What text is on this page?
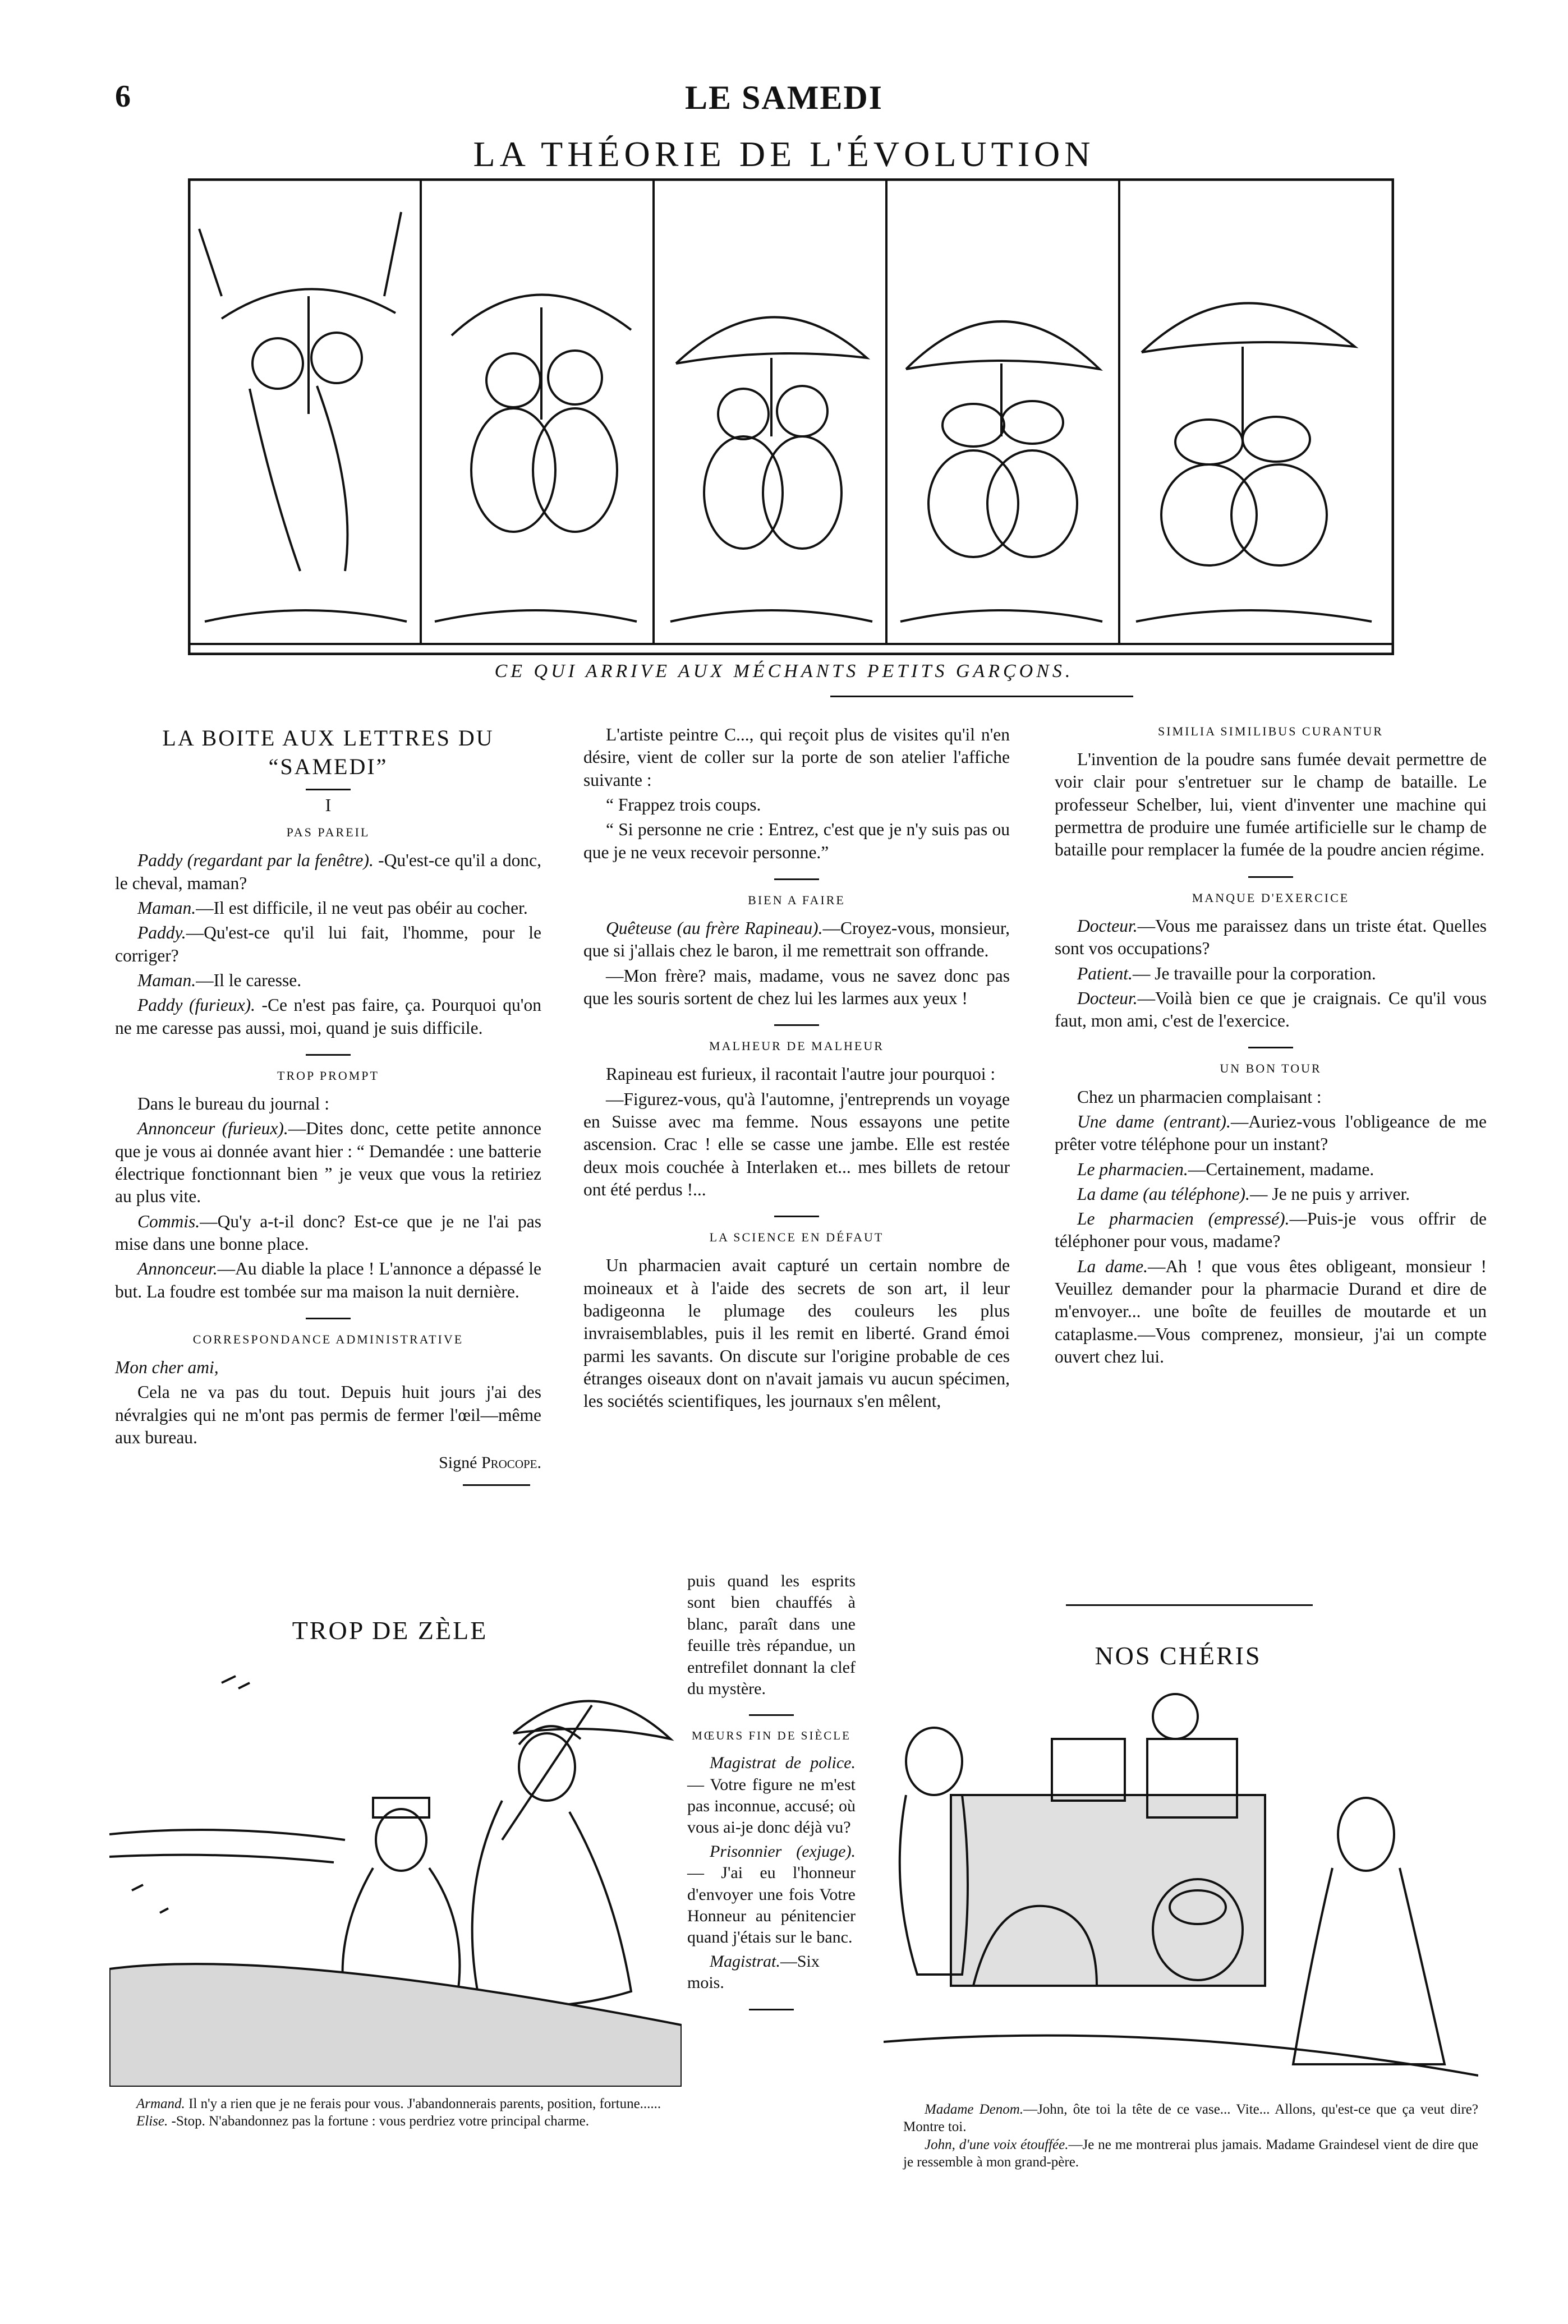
6	LE SAMEDI
LA THÉORIE DE L'ÉVOLUTION
CE QUI ARRIVE AUX MÉCHANTS PETITS GARÇONS.
LA BOITE AUX LETTRES DU “SAMEDI”
I
PAS PAREIL

Paddy (regardant par la fenêtre). -Qu'est-ce qu'il a donc, le cheval, maman?

Maman.—Il est difficile, il ne veut pas obéir au cocher.

Paddy.—Qu'est-ce qu'il lui fait, l'homme, pour le corriger?

Maman.—Il le caresse.

Paddy (furieux). -Ce n'est pas faire, ça. Pourquoi qu'on ne me caresse pas aussi, moi, quand je suis difficile.

TROP PROMPT

Dans le bureau du journal :

Annonceur (furieux).—Dites donc, cette petite annonce que je vous ai donnée avant hier : “ Demandée : une batterie électrique fonctionnant bien ” je veux que vous la retiriez au plus vite.

Commis.—Qu'y a-t-il donc? Est-ce que je ne l'ai pas mise dans une bonne place.

Annonceur.—Au diable la place ! L'annonce a dépassé le but. La foudre est tombée sur ma maison la nuit dernière.

CORRESPONDANCE ADMINISTRATIVE

Mon cher ami,

Cela ne va pas du tout. Depuis huit jours j'ai des névralgies qui ne m'ont pas permis de fermer l'œil—même aux bureau.

Signé Procope.

L'artiste peintre C..., qui reçoit plus de visites qu'il n'en désire, vient de coller sur la porte de son atelier l'affiche suivante :

“ Frappez trois coups.

“ Si personne ne crie : Entrez, c'est que je n'y suis pas ou que je ne veux recevoir personne.”

BIEN A FAIRE

Quêteuse (au frère Rapineau).—Croyez-vous, monsieur, que si j'allais chez le baron, il me remettrait son offrande.

—Mon frère? mais, madame, vous ne savez donc pas que les souris sortent de chez lui les larmes aux yeux !

MALHEUR DE MALHEUR

Rapineau est furieux, il racontait l'autre jour pourquoi :

—Figurez-vous, qu'à l'automne, j'entreprends un voyage en Suisse avec ma femme. Nous essayons une petite ascension. Crac ! elle se casse une jambe. Elle est restée deux mois couchée à Interlaken et... mes billets de retour ont été perdus !...

LA SCIENCE EN DÉFAUT

Un pharmacien avait capturé un certain nombre de moineaux et à l'aide des secrets de son art, il leur badigeonna le plumage des couleurs les plus invraisemblables, puis il les remit en liberté. Grand émoi parmi les savants. On discute sur l'origine probable de ces étranges oiseaux dont on n'avait jamais vu aucun spécimen, les sociétés scientifiques, les journaux s'en mêlent,

puis quand les esprits sont bien chauffés à blanc, paraît dans une feuille très répandue, un entrefilet donnant la clef du mystère.

MŒURS FIN DE SIÈCLE

Magistrat de police.— Votre figure ne m'est pas inconnue, accusé; où vous ai-je donc déjà vu?

Prisonnier (exjuge). — J'ai eu l'honneur d'envoyer une fois Votre Honneur au pénitencier quand j'étais sur le banc.

Magistrat.—Six mois.

SIMILIA SIMILIBUS CURANTUR

L'invention de la poudre sans fumée devait permettre de voir clair pour s'entretuer sur le champ de bataille. Le professeur Schelber, lui, vient d'inventer une machine qui permettra de produire une fumée artificielle sur le champ de bataille pour remplacer la fumée de la poudre ancien régime.

MANQUE D'EXERCICE

Docteur.—Vous me paraissez dans un triste état. Quelles sont vos occupations?

Patient.— Je travaille pour la corporation.

Docteur.—Voilà bien ce que je craignais. Ce qu'il vous faut, mon ami, c'est de l'exercice.

UN BON TOUR

Chez un pharmacien complaisant :

Une dame (entrant).—Auriez-vous l'obligeance de me prêter votre téléphone pour un instant?

Le pharmacien.—Certainement, madame.

La dame (au téléphone).— Je ne puis y arriver.

Le pharmacien (empressé).—Puis-je vous offrir de téléphoner pour vous, madame?

La dame.—Ah ! que vous êtes obligeant, monsieur ! Veuillez demander pour la pharmacie Durand et dire de m'envoyer... une boîte de feuilles de moutarde et un cataplasme.—Vous comprenez, monsieur, j'ai un compte ouvert chez lui.

TROP DE ZÈLE

Armand. Il n'y a rien que je ne ferais pour vous. J'abandonnerais parents, position, fortune......

Elise. -Stop. N'abandonnez pas la fortune : vous perdriez votre principal charme.

NOS CHÉRIS

Madame Denom.—John, ôte toi la tête de ce vase... Vite... Allons, qu'est-ce que ça veut dire? Montre toi.

John, d'une voix étouffée.—Je ne me montrerai plus jamais. Madame Graindesel vient de dire que je ressemble à mon grand-père.
